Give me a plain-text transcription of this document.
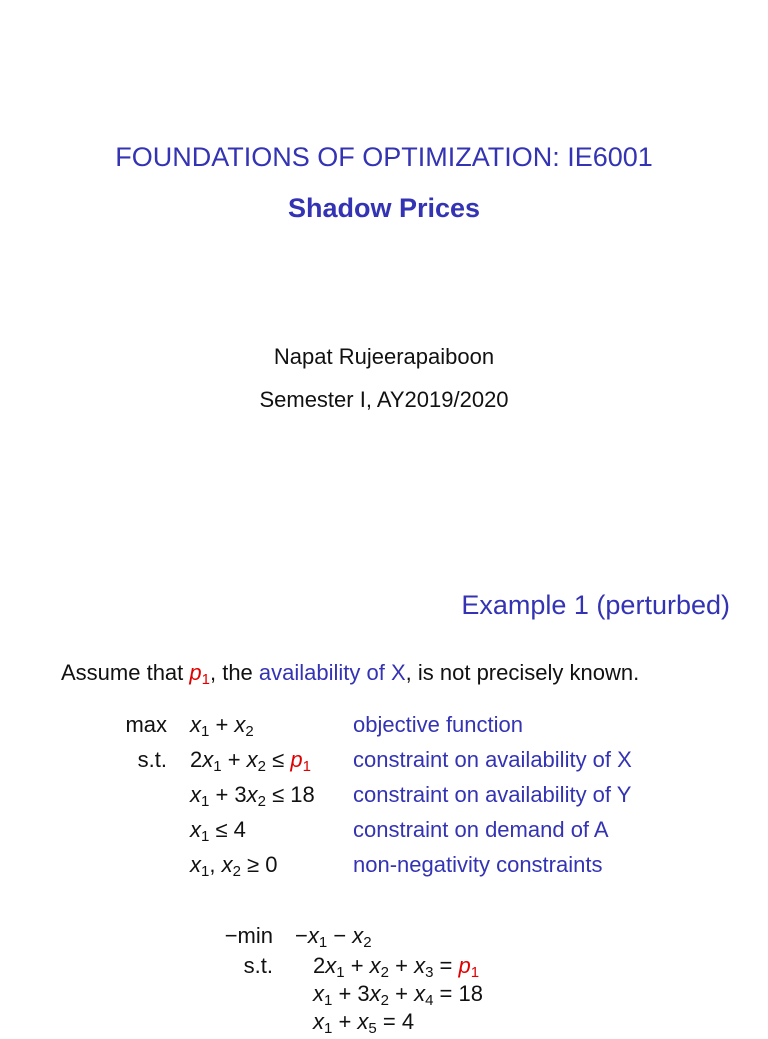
FOUNDATIONS OF OPTIMIZATION: IE6001
Shadow Prices
Napat Rujeerapaiboon
Semester I, AY2019/2020
Example 1 (perturbed)
Assume that $p_1$, the availability of X, is not precisely known.
$\max x_1 + x_2$	objective function
s.t. $2x_1 + x_2 \le p_1$ constraint on availability of X
$x_1 + 3x_2 \le 18$ constraint on availability of Y
$x_1 \le 4$	constraint on demand of A
$x_1$, $x_2 \ge 0$	non-negativity constraints
$-\min -x_1 - x_2$
s.t. $2x_1 + x_2 + x_3 = p_1$
$x_1 + 3x_2 + x_4 = 18$
$x_1 + x_5 = 4$
